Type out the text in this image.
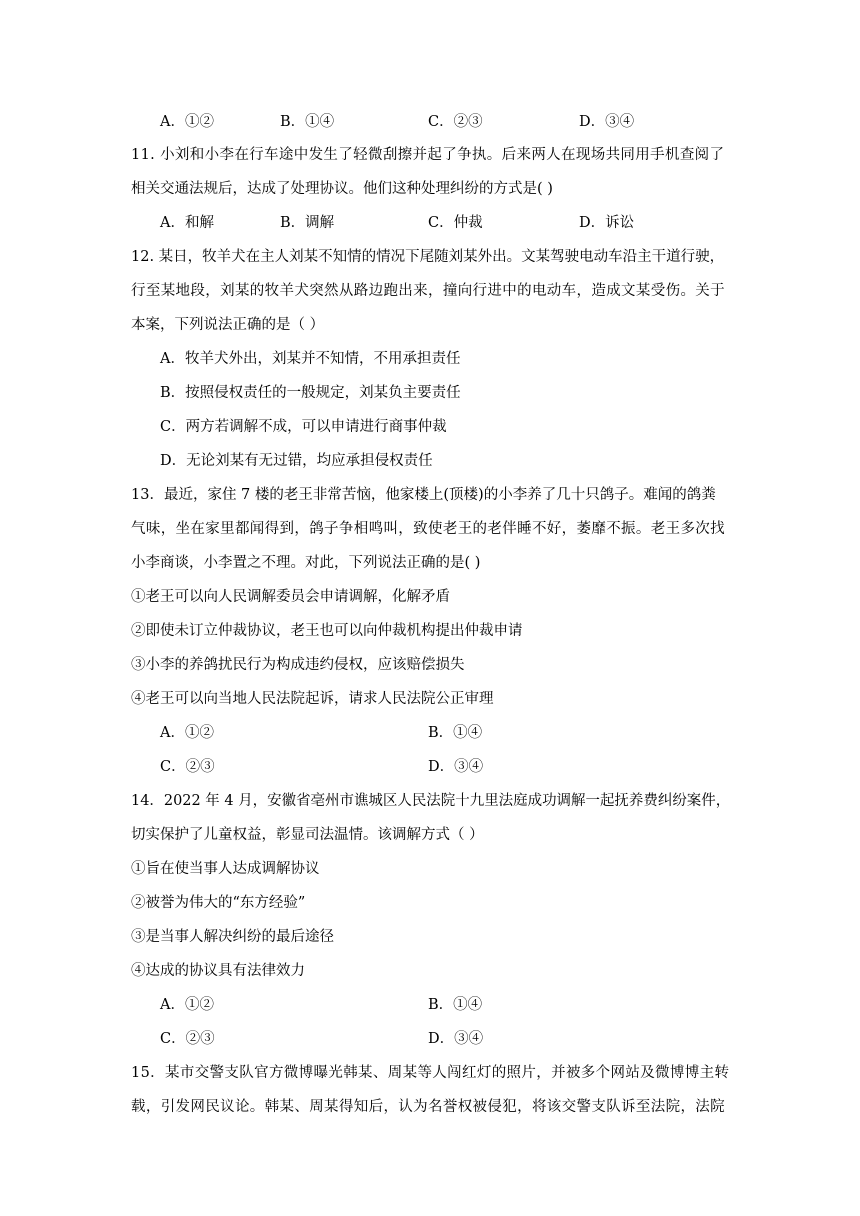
A．①②	B．①④	C．②③	D．③④
11. 小刘和小李在行车途中发生了轻微刮擦并起了争执。后来两人在现场共同用手机查阅了
相关交通法规后，达成了处理协议。他们这种处理纠纷的方式是( )
A．和解	B．调解	C．仲裁	D．诉讼
12. 某日，牧羊犬在主人刘某不知情的情况下尾随刘某外出。文某驾驶电动车沿主干道行驶，
行至某地段，刘某的牧羊犬突然从路边跑出来，撞向行进中的电动车，造成文某受伤。关于
本案，下列说法正确的是（ ）
A．牧羊犬外出，刘某并不知情，不用承担责任
B．按照侵权责任的一般规定，刘某负主要责任
C．两方若调解不成，可以申请进行商事仲裁
D．无论刘某有无过错，均应承担侵权责任
13．最近，家住 7 楼的老王非常苦恼，他家楼上(顶楼)的小李养了几十只鸽子。难闻的鸽粪
气味，坐在家里都闻得到，鸽子争相鸣叫，致使老王的老伴睡不好，萎靡不振。老王多次找
小李商谈，小李置之不理。对此，下列说法正确的是( )
①老王可以向人民调解委员会申请调解，化解矛盾
②即使未订立仲裁协议，老王也可以向仲裁机构提出仲裁申请
③小李的养鸽扰民行为构成违约侵权，应该赔偿损失
④老王可以向当地人民法院起诉，请求人民法院公正审理
A．①②	B．①④
C．②③	D．③④
14．2022 年 4 月，安徽省亳州市谯城区人民法院十九里法庭成功调解一起抚养费纠纷案件，
切实保护了儿童权益，彰显司法温情。该调解方式（ ）
①旨在使当事人达成调解协议
②被誉为伟大的“东方经验”
③是当事人解决纠纷的最后途径
④达成的协议具有法律效力
A．①②	B．①④
C．②③	D．③④
15．某市交警支队官方微博曝光韩某、周某等人闯红灯的照片，并被多个网站及微博博主转
载，引发网民议论。韩某、周某得知后，认为名誉权被侵犯，将该交警支队诉至法院，法院
